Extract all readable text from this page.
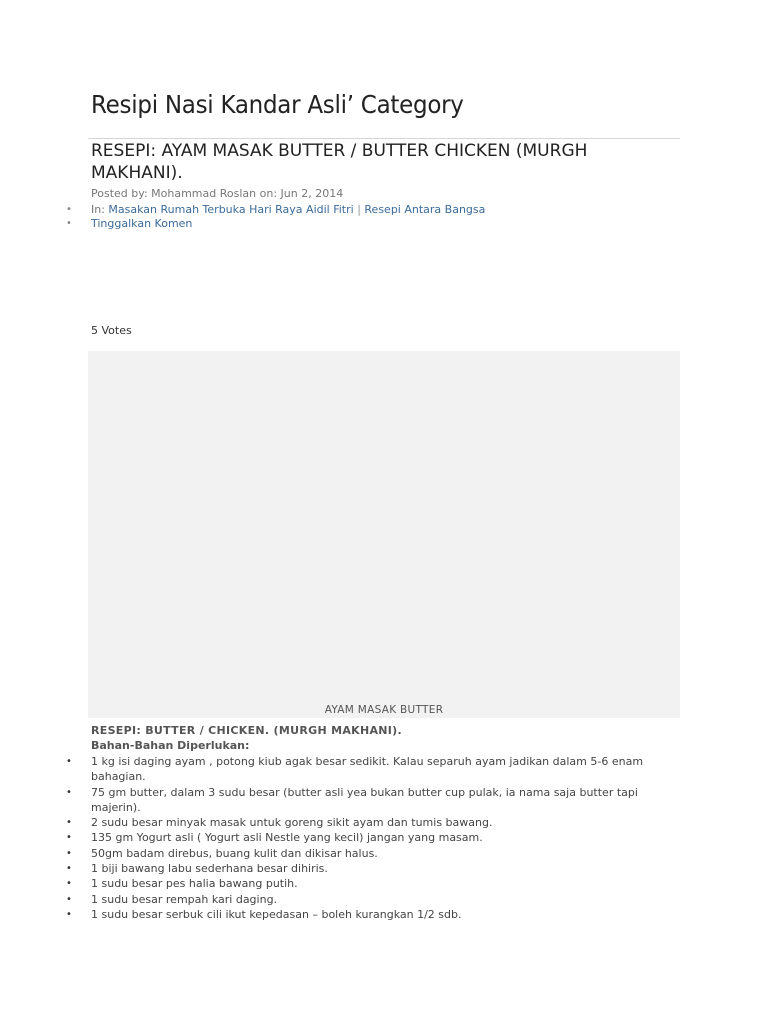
Resipi Nasi Kandar Asli’ Category
RESEPI: AYAM MASAK BUTTER / BUTTER CHICKEN (MURGH MAKHANI).
Posted by: Mohammad Roslan on: Jun 2, 2014
• In: Masakan Rumah Terbuka Hari Raya Aidil Fitri | Resepi Antara Bangsa
• Tinggalkan Komen
5 Votes
AYAM MASAK BUTTER
RESEPI: BUTTER / CHICKEN. (MURGH MAKHANI).
Bahan-Bahan Diperlukan:
• 1 kg isi daging ayam , potong kiub agak besar sedikit. Kalau separuh ayam jadikan dalam 5-6 enam bahagian.
• 75 gm butter, dalam 3 sudu besar (butter asli yea bukan butter cup pulak, ia nama saja butter tapi majerin).
• 2 sudu besar minyak masak untuk goreng sikit ayam dan tumis bawang.
• 135 gm Yogurt asli ( Yogurt asli Nestle yang kecil) jangan yang masam.
• 50gm badam direbus, buang kulit dan dikisar halus.
• 1 biji bawang labu sederhana besar dihiris.
• 1 sudu besar pes halia bawang putih.
• 1 sudu besar rempah kari daging.
• 1 sudu besar serbuk cili ikut kepedasan – boleh kurangkan 1/2 sdb.
